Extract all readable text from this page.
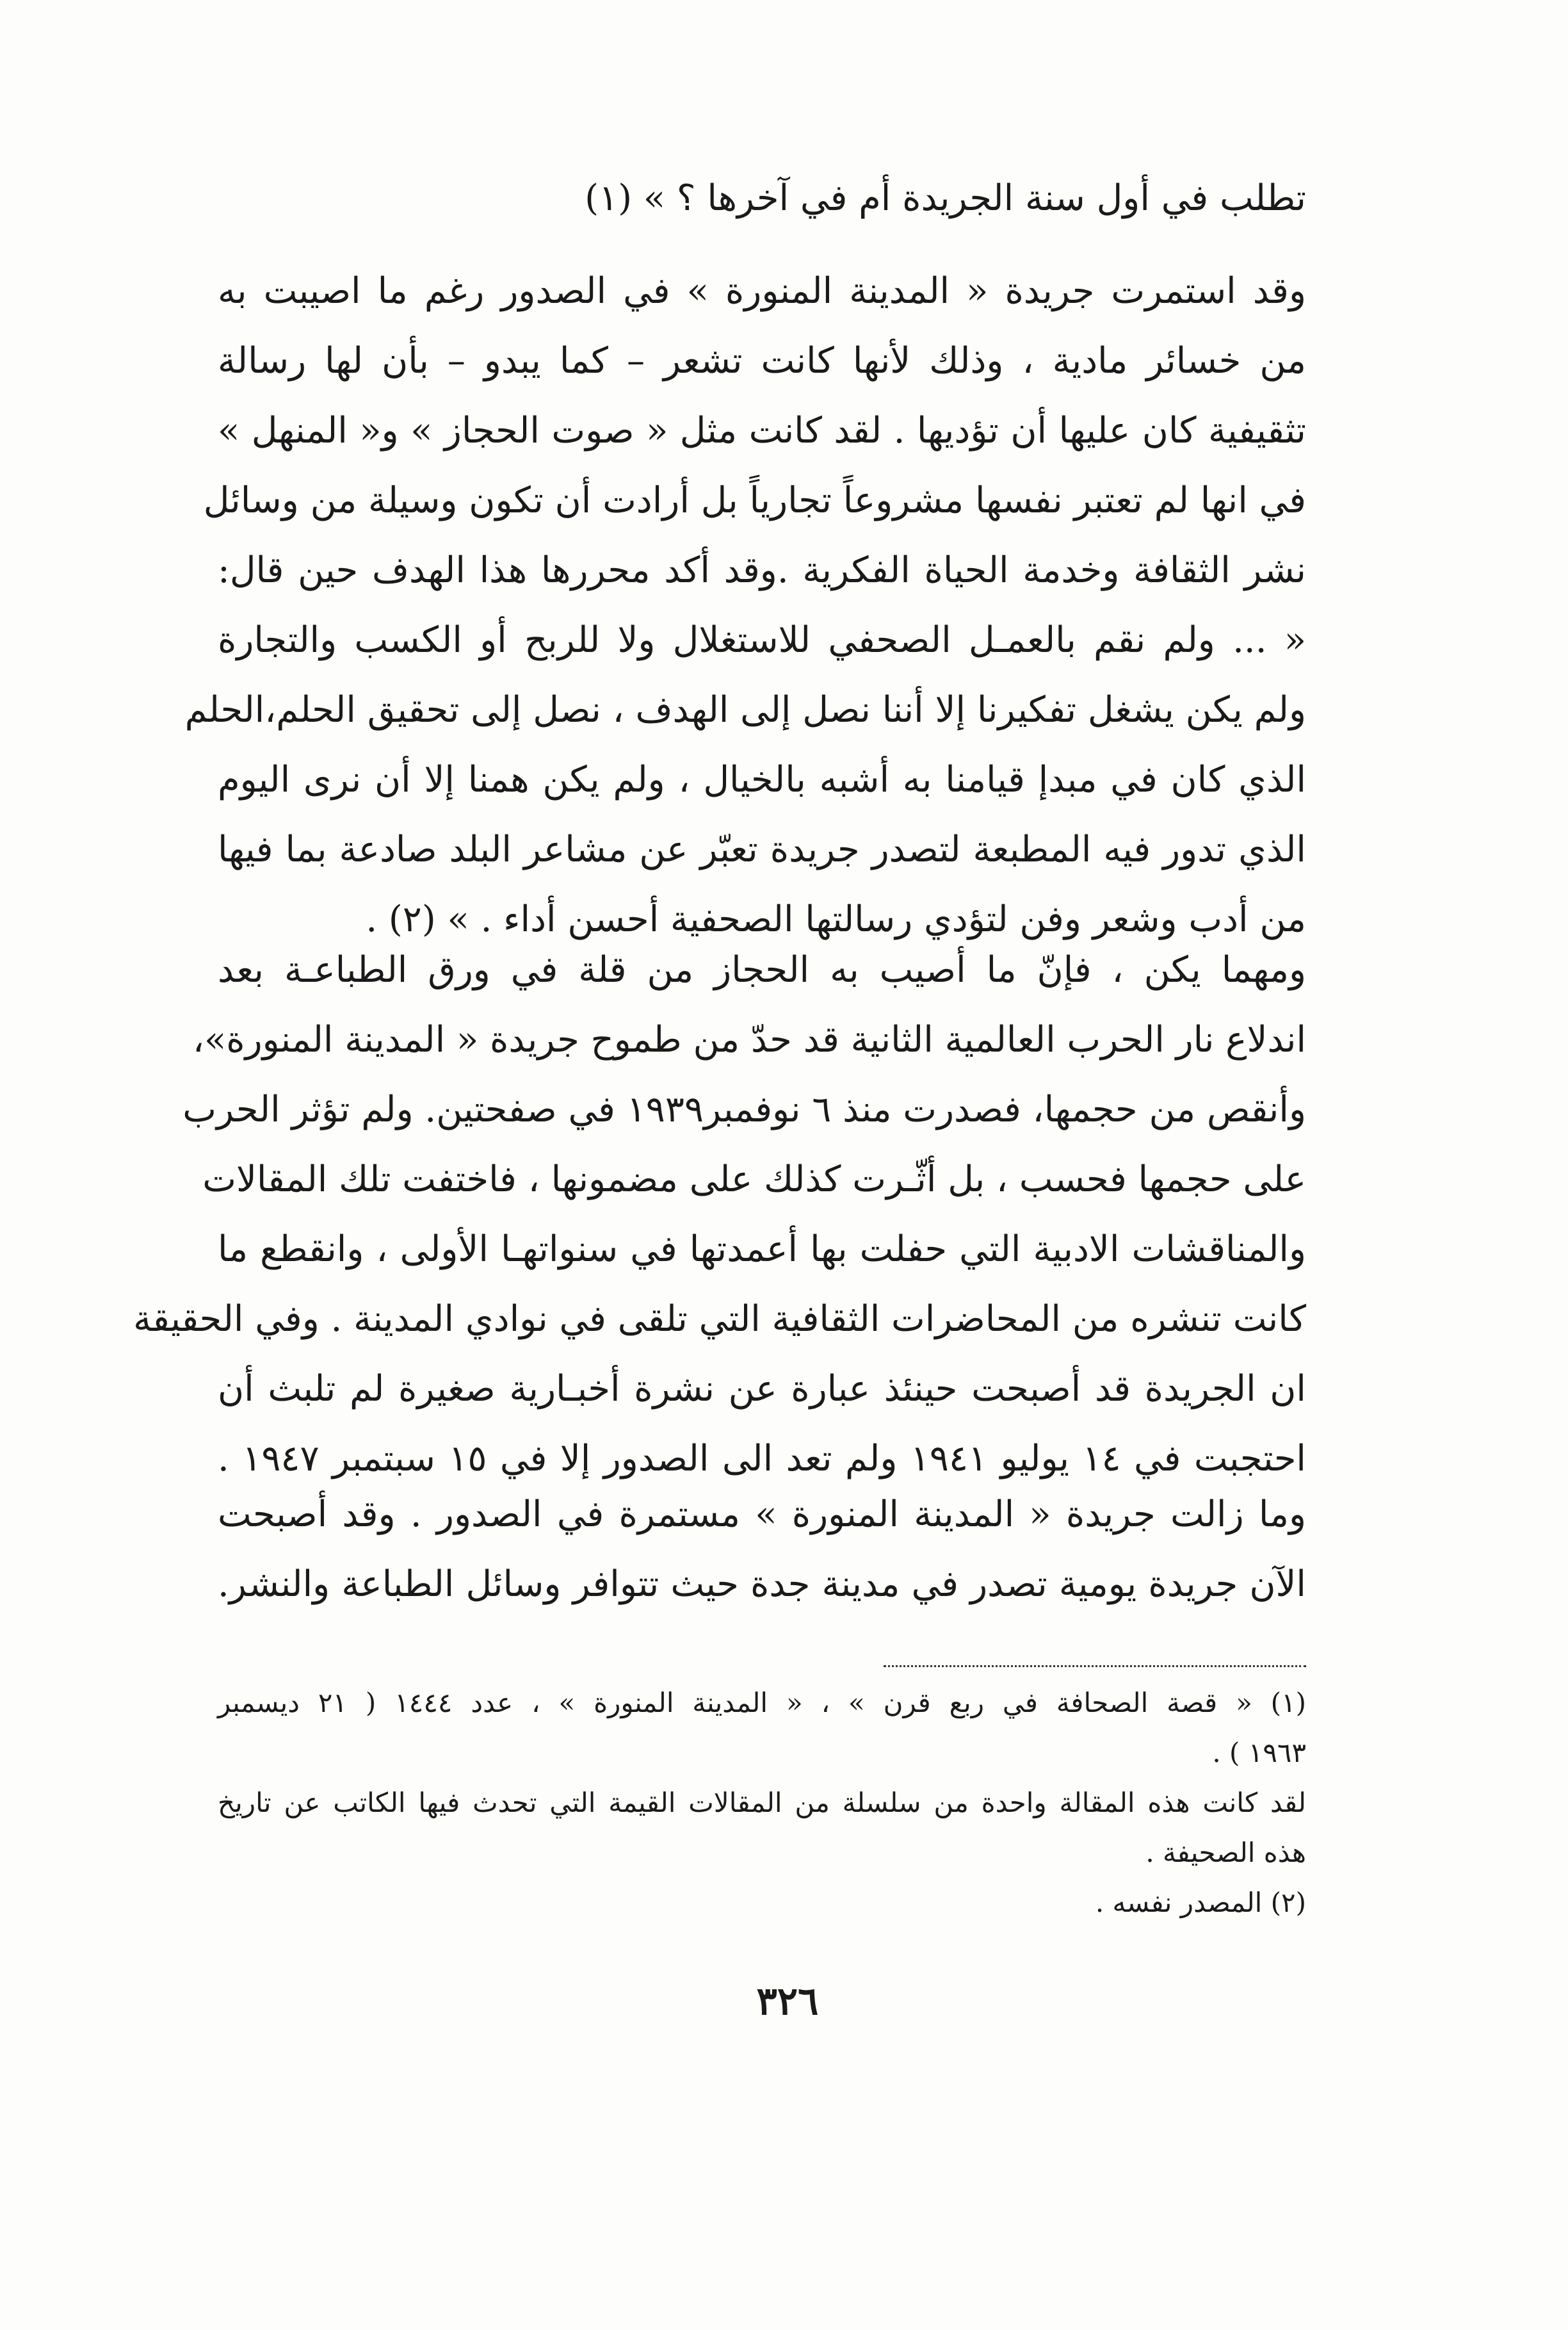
تطلب في أول سنة الجريدة أم في آخرها ؟ » (١)
وقد استمرت جريدة « المدينة المنورة » في الصدور رغم ما اصيبت به
من خسائر مادية ، وذلك لأنها كانت تشعر – كما يبدو – بأن لها رسالة
تثقيفية كان عليها أن تؤديها . لقد كانت مثل « صوت الحجاز » و« المنهل »
في انها لم تعتبر نفسها مشروعاً تجارياً بل أرادت أن تكون وسيلة من وسائل
نشر الثقافة وخدمة الحياة الفكرية .وقد أكد محررها هذا الهدف حين قال:
« ... ولم نقم بالعمـل الصحفي للاستغلال ولا للربح أو الكسب والتجارة
ولم يكن يشغل تفكيرنا إلا أننا نصل إلى الهدف ، نصل إلى تحقيق الحلم،الحلم
الذي كان في مبدإ قيامنا به أشبه بالخيال ، ولم يكن همنا إلا أن نرى اليوم
الذي تدور فيه المطبعة لتصدر جريدة تعبّر عن مشاعر البلد صادعة بما فيها
من أدب وشعر وفن لتؤدي رسالتها الصحفية أحسن أداء . » (٢) .
ومهما يكن ، فإنّ ما أصيب به الحجاز من قلة في ورق الطباعـة بعد
اندلاع نار الحرب العالمية الثانية قد حدّ من طموح جريدة « المدينة المنورة»،
وأنقص من حجمها، فصدرت منذ ٦ نوفمبر١٩٣٩ في صفحتين. ولم تؤثر الحرب
على حجمها فحسب ، بل أثّـرت كذلك على مضمونها ، فاختفت تلك المقالات
والمناقشات الادبية التي حفلت بها أعمدتها في سنواتهـا الأولى ، وانقطع ما
كانت تنشره من المحاضرات الثقافية التي تلقى في نوادي المدينة . وفي الحقيقة
ان الجريدة قد أصبحت حينئذ عبارة عن نشرة أخبـارية صغيرة لم تلبث أن
احتجبت في ١٤ يوليو ١٩٤١ ولم تعد الى الصدور إلا في ١٥ سبتمبر ١٩٤٧ .
وما زالت جريدة « المدينة المنورة » مستمرة في الصدور . وقد أصبحت
الآن جريدة يومية تصدر في مدينة جدة حيث تتوافر وسائل الطباعة والنشر.
(١) « قصة الصحافة في ربع قرن » ، « المدينة المنورة » ، عدد ١٤٤٤ ( ٢١ ديسمبر
١٩٦٣ ) .
لقد كانت هذه المقالة واحدة من سلسلة من المقالات القيمة التي تحدث فيها الكاتب عن تاريخ
هذه الصحيفة .
(٢) المصدر نفسه .
٣٢٦
